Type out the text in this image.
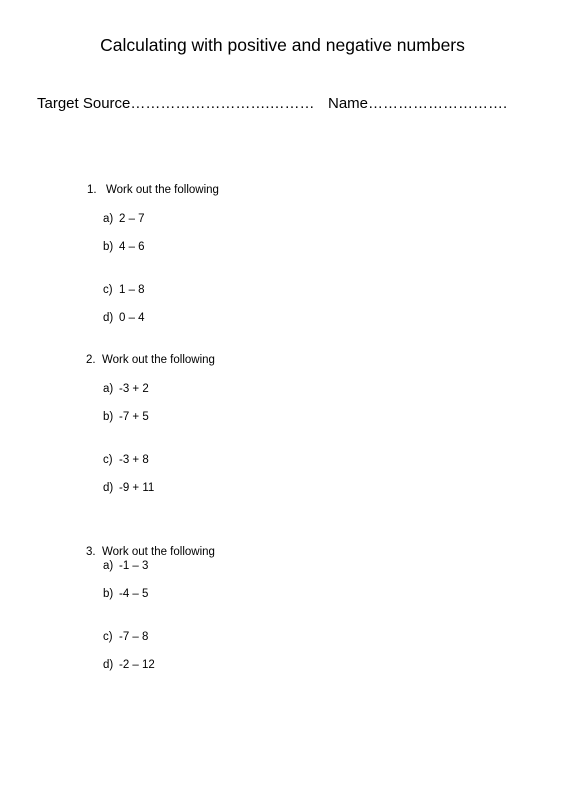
Calculating with positive and negative numbers
Target Source……………………….……… Name……………………….
1. Work out the following
a) 2 – 7
b) 4 – 6
c) 1 – 8
d) 0 – 4
2. Work out the following
a) -3 + 2
b) -7 + 5
c) -3 + 8
d) -9 + 11
3. Work out the following
a) -1 – 3
b) -4 – 5
c) -7 – 8
d) -2 – 12
